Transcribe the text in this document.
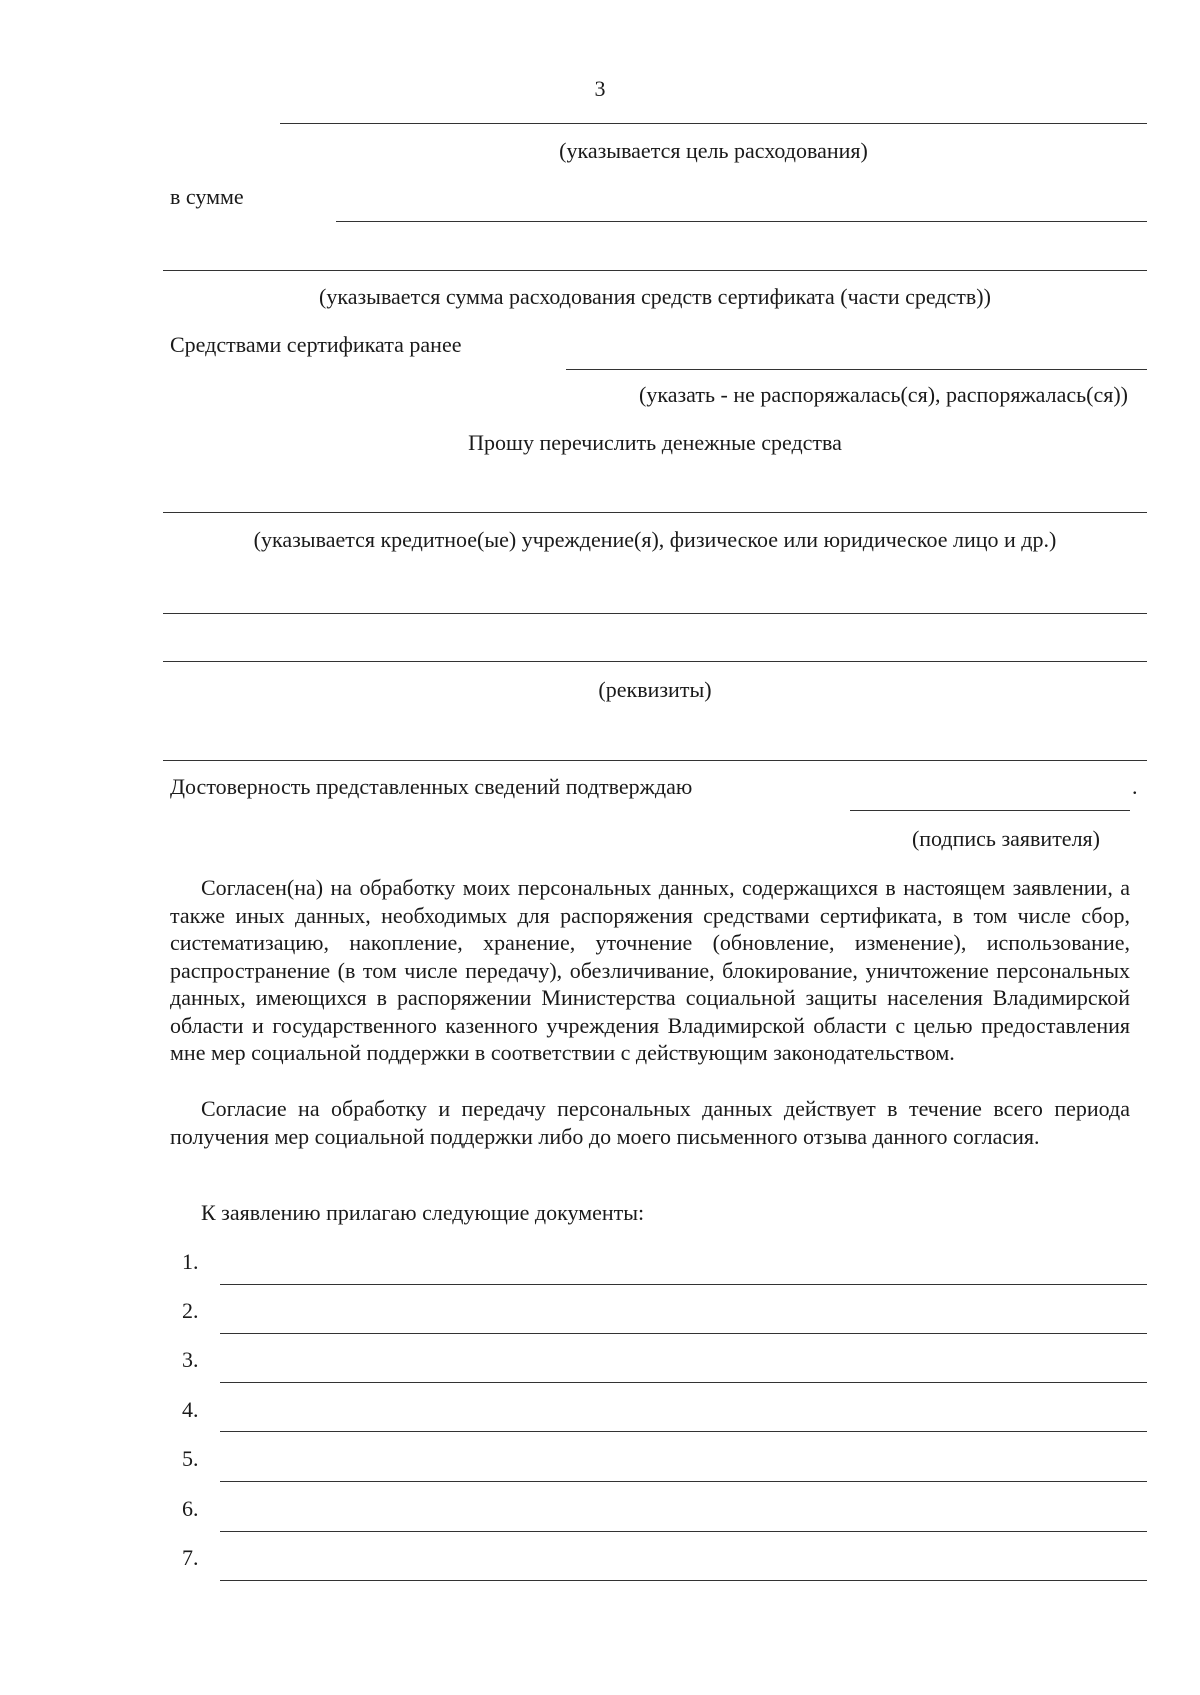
3
(указывается цель расходования)
в сумме
(указывается сумма расходования средств сертификата (части средств))
Средствами сертификата ранее
(указать - не распоряжалась(ся), распоряжалась(ся))
Прошу перечислить денежные средства
(указывается кредитное(ые) учреждение(я), физическое или юридическое лицо и др.)
(реквизиты)
Достоверность представленных сведений подтверждаю	.
(подпись заявителя)
Согласен(на) на обработку моих персональных данных, содержащихся в настоящем заявлении, а также иных данных, необходимых для распоряжения средствами сертификата, в том числе сбор, систематизацию, накопление, хранение, уточнение (обновление, изменение), использование, распространение (в том числе передачу), обезличивание, блокирование, уничтожение персональных данных, имеющихся в распоряжении Министерства социальной защиты населения Владимирской области и государственного казенного учреждения Владимирской области с целью предоставления мне мер социальной поддержки в соответствии с действующим законодательством.
Согласие на обработку и передачу персональных данных действует в течение всего периода получения мер социальной поддержки либо до моего письменного отзыва данного согласия.
К заявлению прилагаю следующие документы:
1.
2.
3.
4.
5.
6.
7.
